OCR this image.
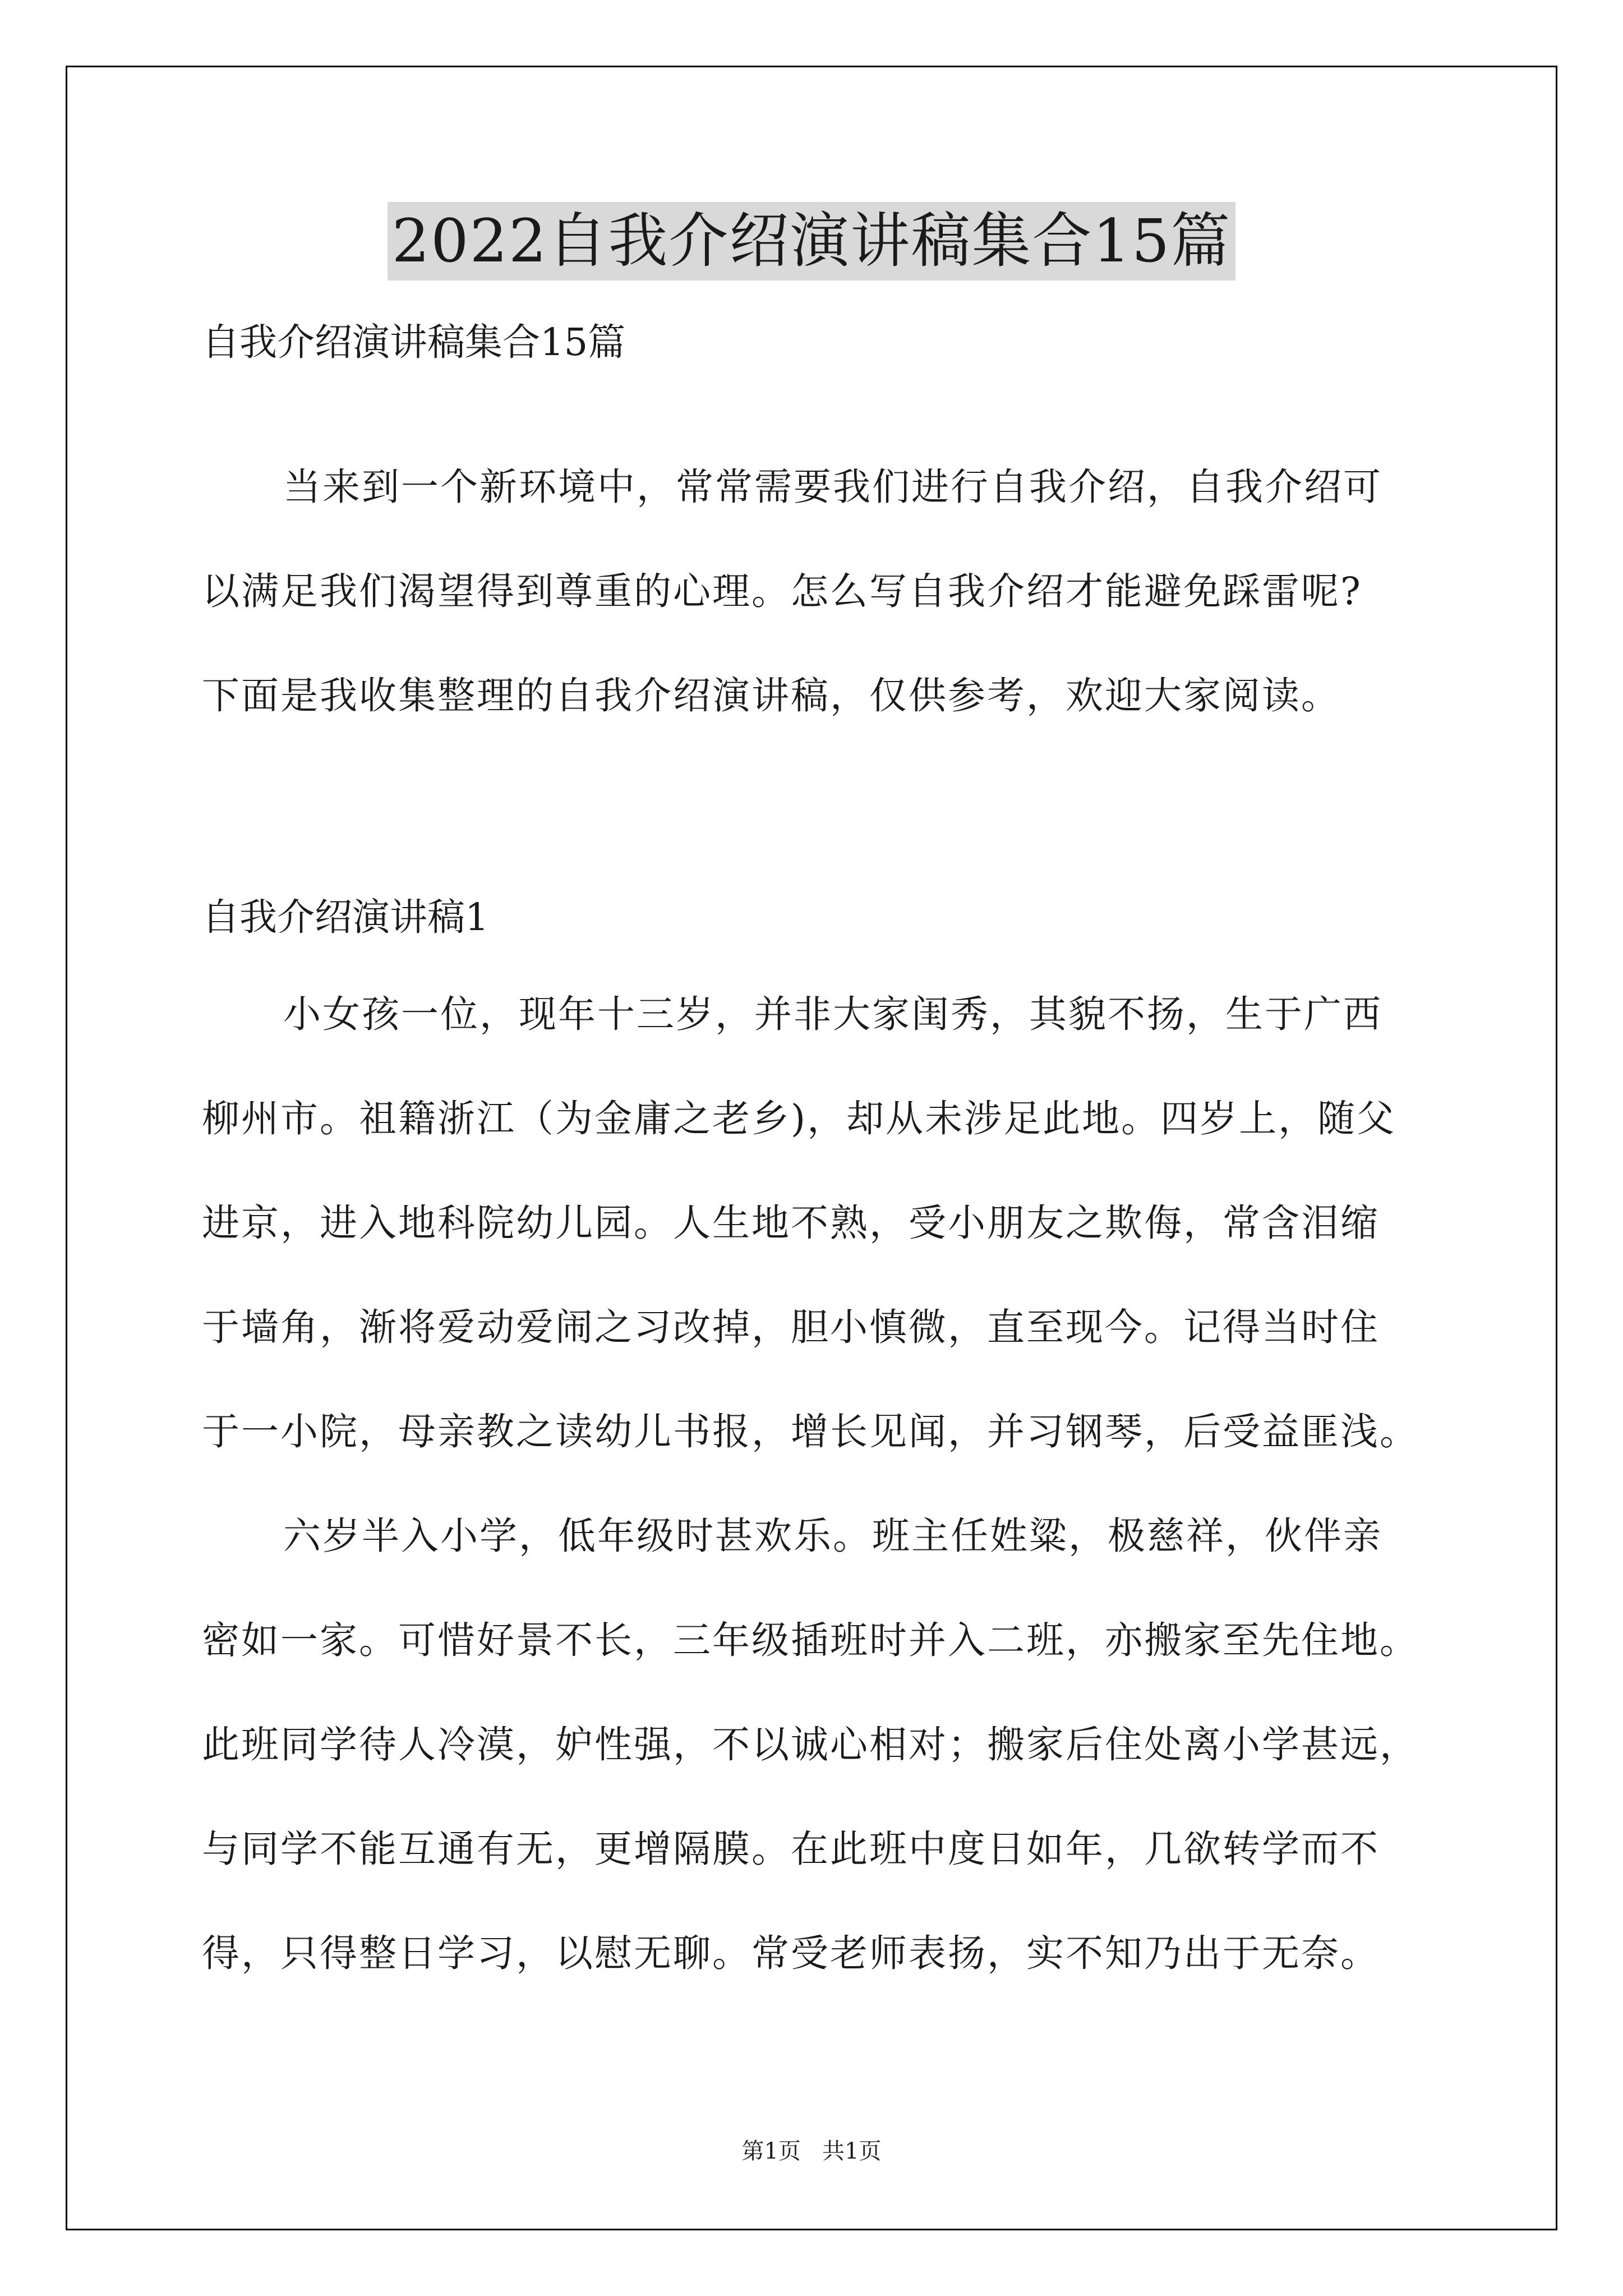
2022自我介绍演讲稿集合15篇
自我介绍演讲稿集合15篇
当来到一个新环境中，常常需要我们进行自我介绍，自我介绍可
以满足我们渴望得到尊重的心理。怎么写自我介绍才能避免踩雷呢?
下面是我收集整理的自我介绍演讲稿，仅供参考，欢迎大家阅读。
自我介绍演讲稿1
小女孩一位，现年十三岁，并非大家闺秀，其貌不扬，生于广西
柳州市。祖籍浙江（为金庸之老乡)，却从未涉足此地。四岁上，随父
进京，进入地科院幼儿园。人生地不熟，受小朋友之欺侮，常含泪缩
于墙角，渐将爱动爱闹之习改掉，胆小慎微，直至现今。记得当时住
于一小院，母亲教之读幼儿书报，增长见闻，并习钢琴，后受益匪浅。
六岁半入小学，低年级时甚欢乐。班主任姓粱，极慈祥，伙伴亲
密如一家。可惜好景不长，三年级插班时并入二班，亦搬家至先住地。
此班同学待人冷漠，妒性强，不以诚心相对；搬家后住处离小学甚远，
与同学不能互通有无，更增隔膜。在此班中度日如年，几欲转学而不
得，只得整日学习，以慰无聊。常受老师表扬，实不知乃出于无奈。
第1页   共1页
